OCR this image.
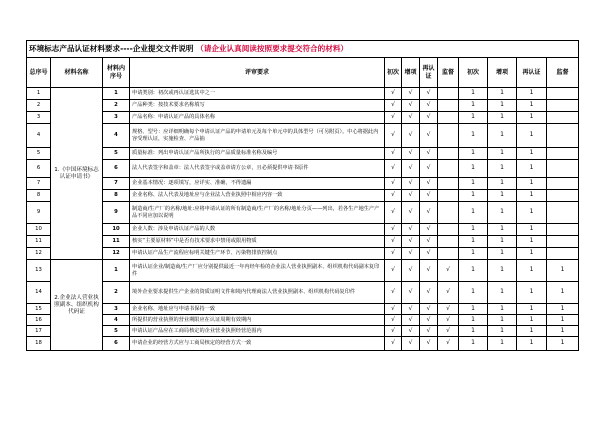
环境标志产品认证材料要求----企业提交文件说明 （请企业认真阅读按照要求提交符合的材料）											
总序号	材料名称	材料内序号	评审要求	初次	增项	再认证	监督	初次	增项	再认证	监督
1	1.《中国环境标志认证申请书》	1	申请类别：初次或再认证选其中之一	√	√	√		1	1	1	
2		2	产品种类：按技术要求名称填写	√	√	√		1	1	1	
3		3	产品名称：申请认证产品的具体名称	√	√	√		1	1	1	
4		4	规格、型号：应详细明确每个申请认证产品的申请单元及每个单元中的具体型号（可另附页）。中心将据此内容受理认证，实施检查、产品抽	√	√	√		1	1	1	
5		5	质量标准：列出申请认证产品所执行的产品质量标准名称及编号	√	√	√		1	1	1	
6		6	法人代表签字和盖章：法人代表签字或盖章请方公章，且必须提供申请书原件	√	√	√		1	1	1	
7		7	企业基本情况：逐项填写，应详实、准确，不得遗漏	√	√	√		1	1	1	
8		8	企业名称、法人代表及地址应与企业法人营业执照中相应内容一致	√	√	√		1	1	1	
9		9	制造商/生产厂的名称/地址:应将申请认证的所有制造商/生产厂的名称/地址分页——列出，若各生产地生产产品不同应加以说明	√	√	√		1	1	1	
10		10	企业人数：涉及申请认证产品的人数	√	√	√		1	1	1	
11		11	核实“主要原材料”中是否有技术要求中禁用或限用物质	√	√	√		1	1	1	
12		12	申请认证产品生产流程应标明关键生产环节、污染物排放控制点	√	√	√		1	1	1	
13	2.企业法人营业执照副本、组织机构代码证	1	申请认证企业/制造商/生产厂应分别提供最近一年内经年检的企业法人营业执照副本、组织机构代码副本复印件	√	√	√	√	1	1	1	1
14		2	境外企业要求提供生产企业的资质证明文件和境内代理商法人营业执照副本、组织机构代码复印件	√	√	√	√	1	1	1	1
15		3	企业名称、地址应与申请书保持一致	√	√	√	√	1	1	1	1
16		4	所提供的营业执照的营业期限应在认证周期有效期内	√	√	√	√	1	1	1	1
17		5	申请认证产品应在工商局核定的企业营业执照经营范围内	√	√	√	√	1	1	1	1
18		6	申请企业的经营方式应与工商局核定的经营方式一致	√	√	√	√	1	1	1	1
